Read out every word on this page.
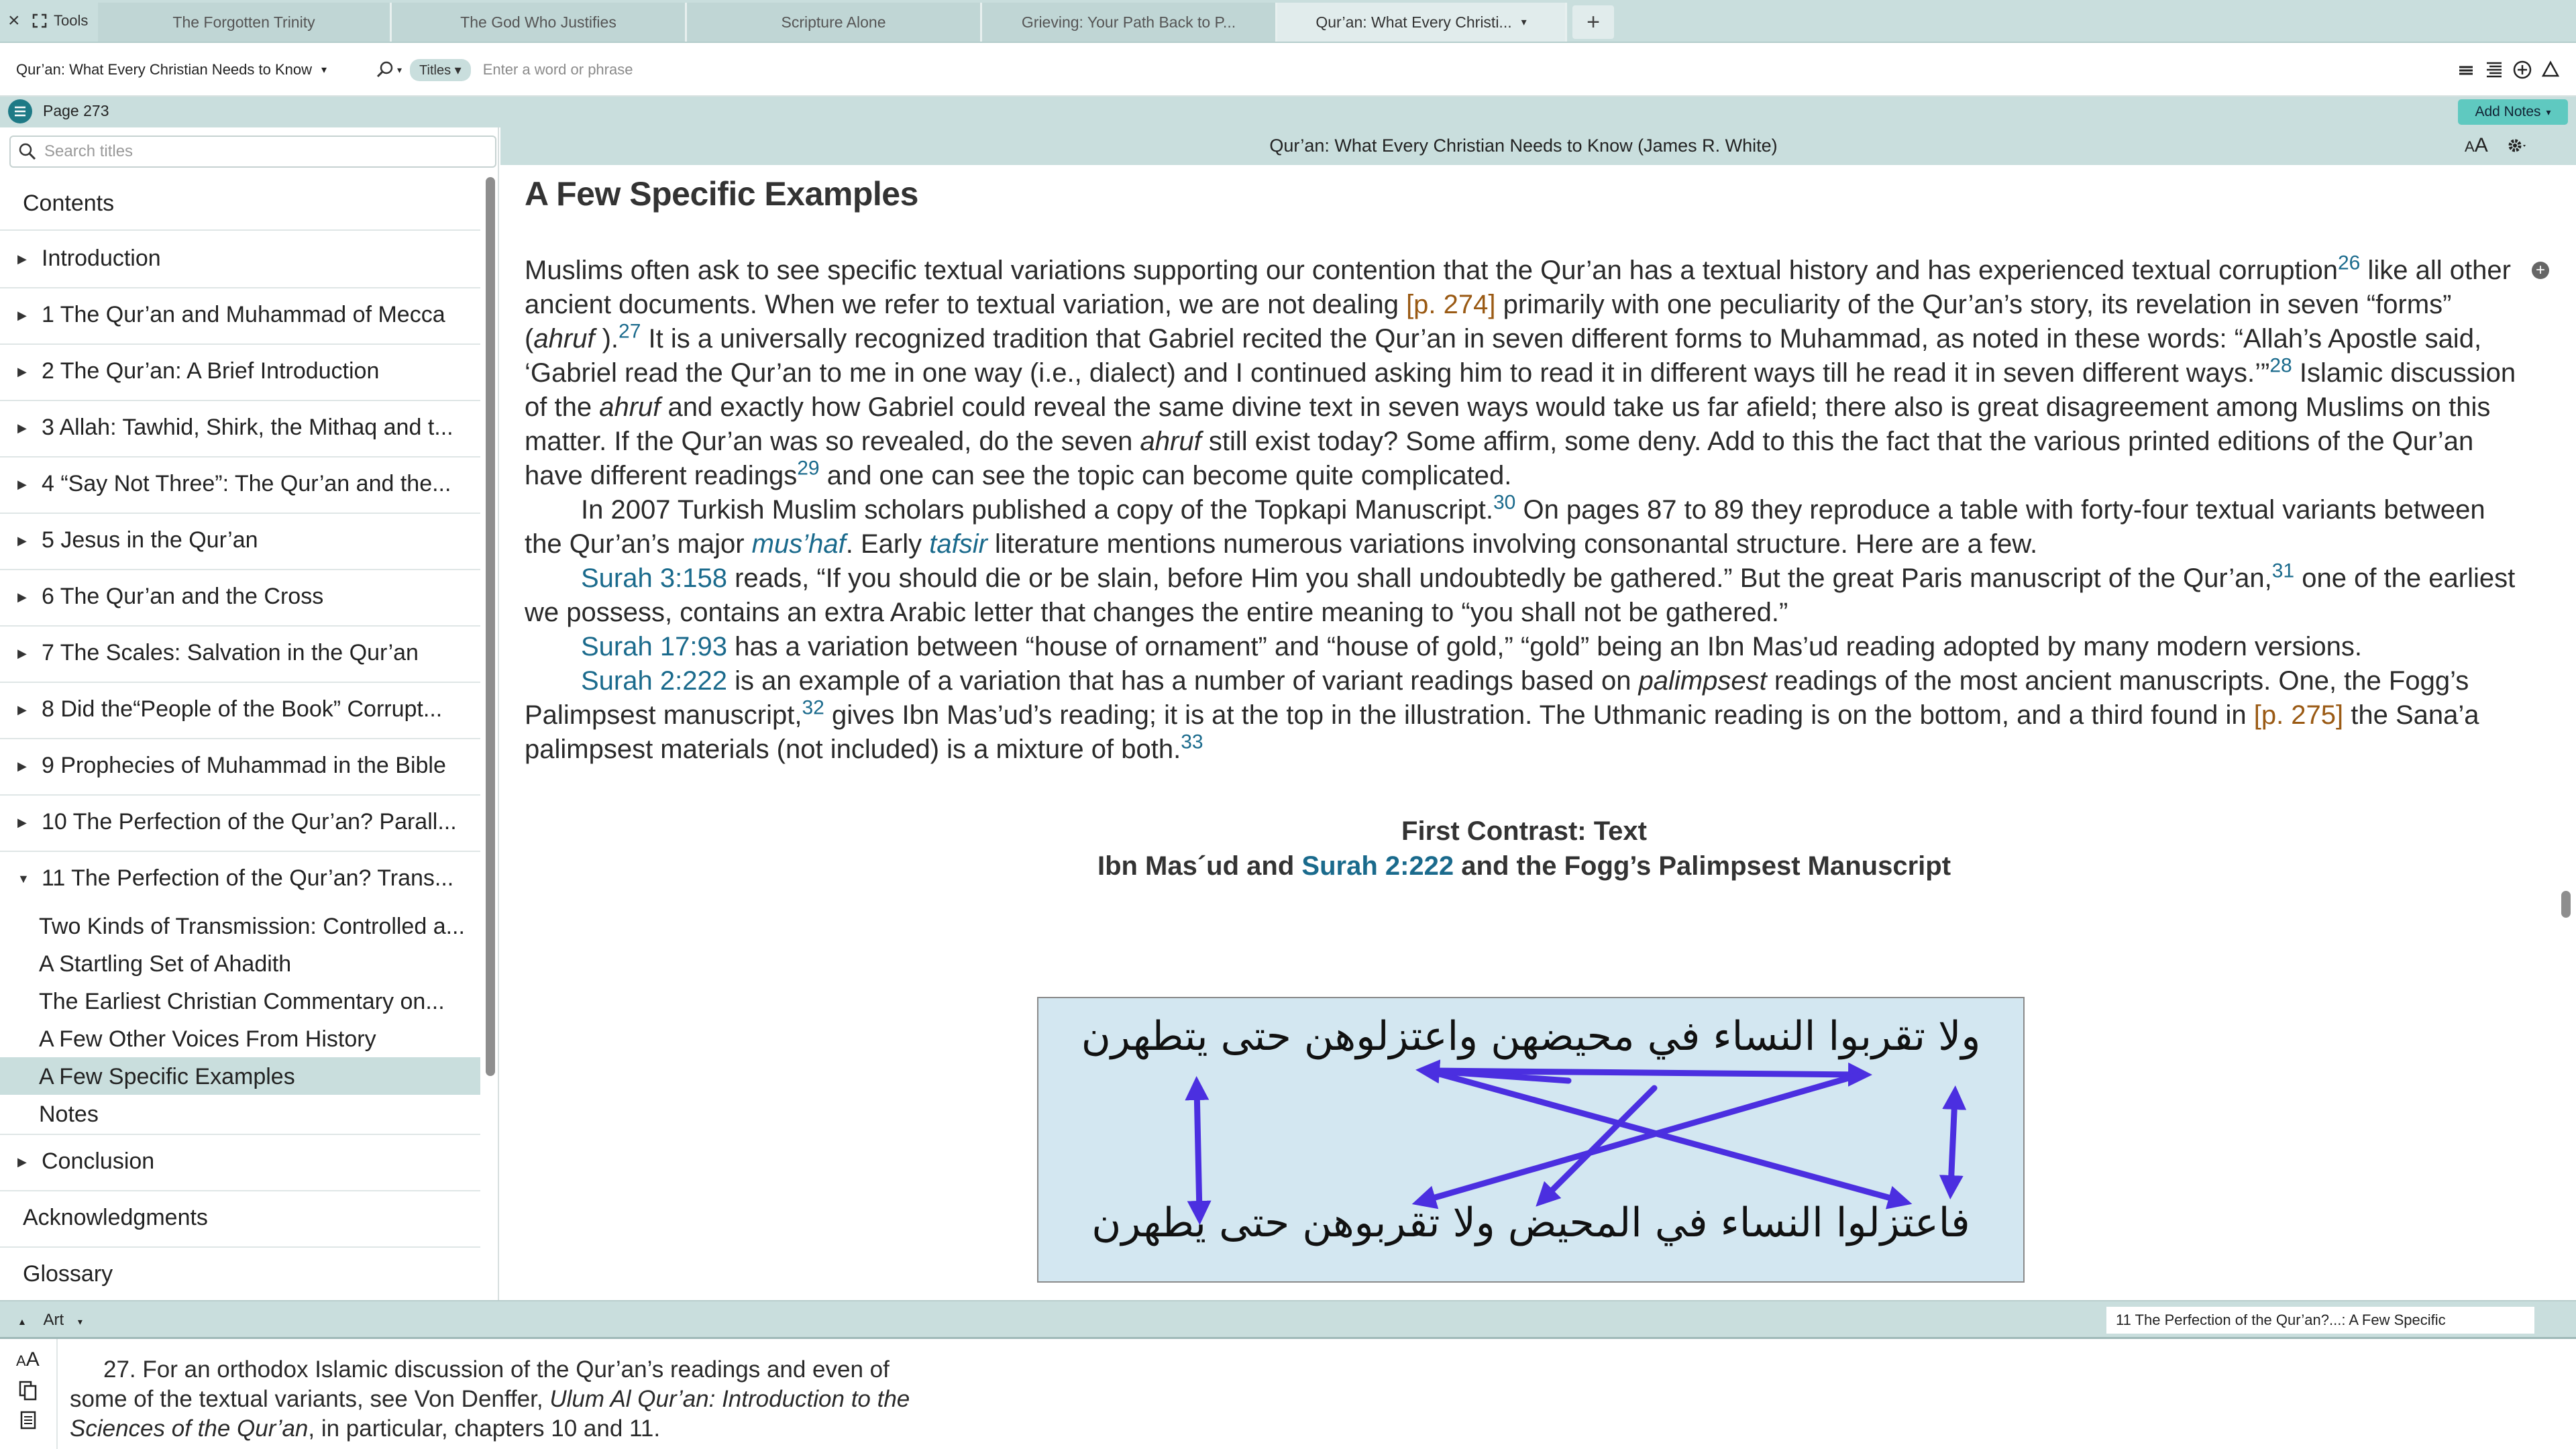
× Tools	The Forgotten Trinity	The God Who Justifies	Scripture Alone	Grieving: Your Path Back to P...	Qur’an: What Every Christi... ▾	+
Qur’an: What Every Christian Needs to Know ▾	▾	Titles ▾	Enter a word or phrase
Page 273	Add Notes ▾
Search titles
Contents
▶ Introduction
▶ 1 The Qur’an and Muhammad of Mecca
▶ 2 The Qur’an: A Brief Introduction
▶ 3 Allah: Tawhid, Shirk, the Mithaq and t...
▶ 4 “Say Not Three”: The Qur’an and the...
▶ 5 Jesus in the Qur’an
▶ 6 The Qur’an and the Cross
▶ 7 The Scales: Salvation in the Qur’an
▶ 8 Did the“People of the Book” Corrupt...
▶ 9 Prophecies of Muhammad in the Bible
▶ 10 The Perfection of the Qur’an? Parall...
▼ 11 The Perfection of the Qur’an? Trans...
Two Kinds of Transmission: Controlled a...
A Startling Set of Ahadith
The Earliest Christian Commentary on...
A Few Other Voices From History
A Few Specific Examples
Notes
▶ Conclusion
Acknowledgments
Glossary
Qur’an: What Every Christian Needs to Know (James R. White)	AA
+
A Few Specific Examples

Muslims often ask to see specific textual variations supporting our contention that the Qur’an has a textual history and has experienced textual corruption$^{26}$ like all other ancient documents. When we refer to textual variation, we are not dealing [p. 274] primarily with one peculiarity of the Qur’an’s story, its revelation in seven “forms” (ahruf ).$^{27}$ It is a universally recognized tradition that Gabriel recited the Qur’an in seven different forms to Muhammad, as noted in these words: “Allah’s Apostle said, ‘Gabriel read the Qur’an to me in one way (i.e., dialect) and I continued asking him to read it in different ways till he read it in seven different ways.’”$^{28}$ Islamic discussion of the ahruf and exactly how Gabriel could reveal the same divine text in seven ways would take us far afield; there also is great disagreement among Muslims on this matter. If the Qur’an was so revealed, do the seven ahruf still exist today? Some affirm, some deny. Add to this the fact that the various printed editions of the Qur’an have different readings$^{29}$ and one can see the topic can become quite complicated.

In 2007 Turkish Muslim scholars published a copy of the Topkapi Manuscript.$^{30}$ On pages 87 to 89 they reproduce a table with forty-four textual variants between the Qur’an’s major mus’haf. Early tafsir literature mentions numerous variations involving consonantal structure. Here are a few.

Surah 3:158 reads, “If you should die or be slain, before Him you shall undoubtedly be gathered.” But the great Paris manuscript of the Qur’an,$^{31}$ one of the earliest we possess, contains an extra Arabic letter that changes the entire meaning to “you shall not be gathered.”

Surah 17:93 has a variation between “house of ornament” and “house of gold,” “gold” being an Ibn Mas’ud reading adopted by many modern versions.

Surah 2:222 is an example of a variation that has a number of variant readings based on palimpsest readings of the most ancient manuscripts. One, the Fogg’s Palimpsest manuscript,$^{32}$ gives Ibn Mas’ud’s reading; it is at the top in the illustration. The Uthmanic reading is on the bottom, and a third found in [p. 275] the Sana’a palimpsest materials (not included) is a mixture of both.$^{33}$

First Contrast: Text
Ibn Mas´ud and Surah 2:222 and the Fogg’s Palimpsest Manuscript
ولا تقربوا النساء في محيضهن واعتزلوهن حتى يتطهرن
فاعتزلوا النساء في المحيض ولا تقربوهن حتى يطهرن
▲ Art ▾	11 The Perfection of the Qur’an?...: A Few Specific
AA	27. For an orthodox Islamic discussion of the Qur’an’s readings and even of some of the textual variants, see Von Denffer, Ulum Al Qur’an: Introduction to the Sciences of the Qur’an, in particular, chapters 10 and 11.
